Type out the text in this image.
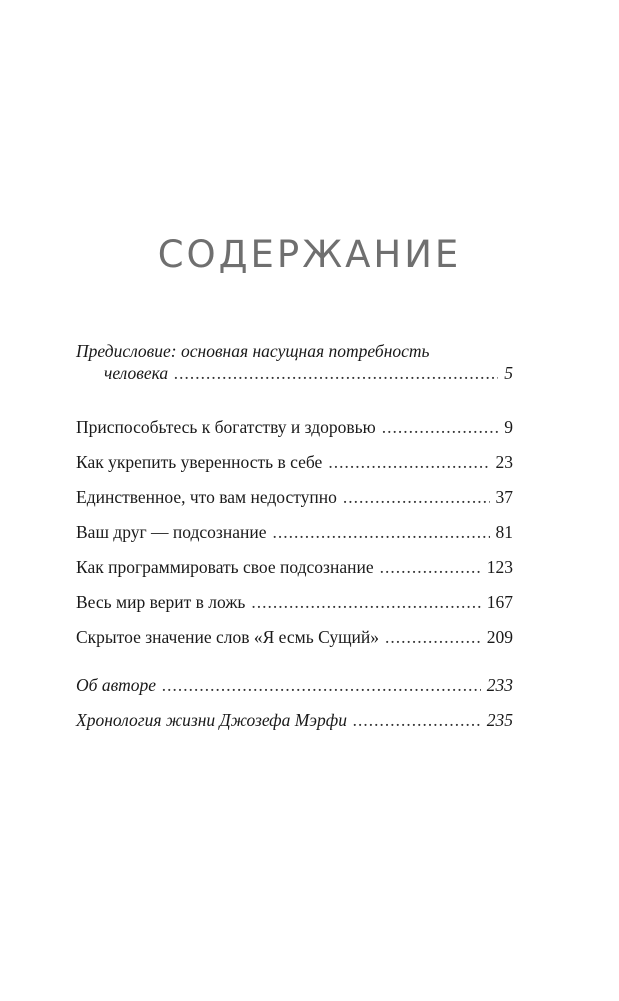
СОДЕРЖАНИЕ
Предисловие: основная насущная потребность
человека .....	5
Приспособьтесь к богатству и здоровью .....	9
Как укрепить уверенность в себе .....	23
Единственное, что вам недоступно .....	37
Ваш друг — подсознание .....	81
Как программировать свое подсознание .....	123
Весь мир верит в ложь .....	167
Скрытое значение слов «Я есмь Сущий» .....	209
Об авторе .....	233
Хронология жизни Джозефа Мэрфи .....	235
